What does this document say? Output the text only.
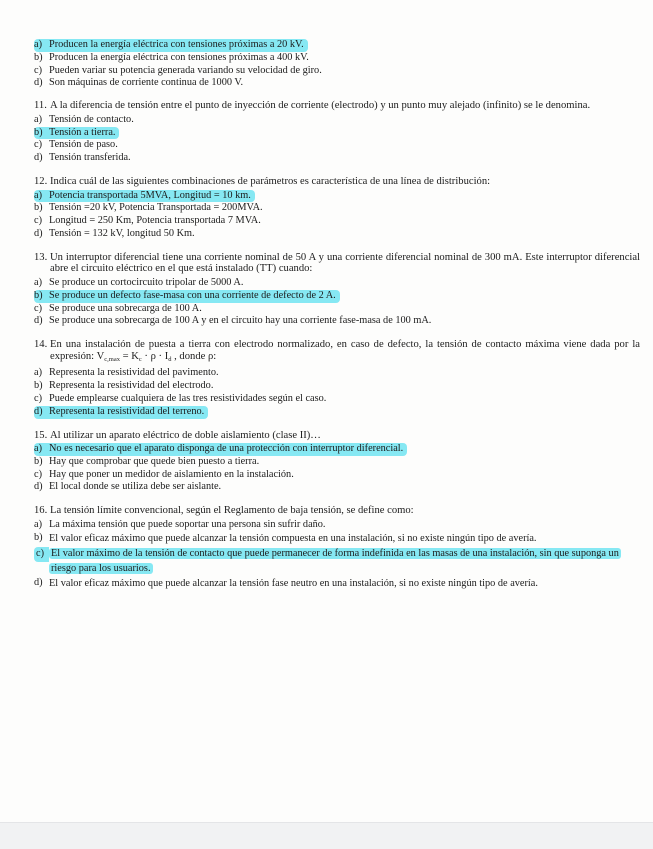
a) Producen la energía eléctrica con tensiones próximas a 20 kV.
b) Producen la energía eléctrica con tensiones próximas a 400 kV.
c) Pueden variar su potencia generada variando su velocidad de giro.
d) Son máquinas de corriente continua de 1000 V.
11. A la diferencia de tensión entre el punto de inyección de corriente (electrodo) y un punto muy alejado (infinito) se le denomina.
a) Tensión de contacto.
b) Tensión a tierra.
c) Tensión de paso.
d) Tensión transferida.
12. Indica cuál de las siguientes combinaciones de parámetros es característica de una línea de distribución:
a) Potencia transportada 5MVA, Longitud = 10 km.
b) Tensión =20 kV, Potencia Transportada = 200MVA.
c) Longitud = 250 Km, Potencia transportada 7 MVA.
d) Tensión = 132 kV, longitud 50 Km.
13. Un interruptor diferencial tiene una corriente nominal de 50 A y una corriente diferencial nominal de 300 mA. Este interruptor diferencial abre el circuito eléctrico en el que está instalado (TT) cuando:
a) Se produce un cortocircuito tripolar de 5000 A.
b) Se produce un defecto fase-masa con una corriente de defecto de 2 A.
c) Se produce una sobrecarga de 100 A.
d) Se produce una sobrecarga de 100 A y en el circuito hay una corriente fase-masa de 100 mA.
14. En una instalación de puesta a tierra con electrodo normalizado, en caso de defecto, la tensión de contacto máxima viene dada por la expresión: $V_{c,max} = K_c \cdot \rho \cdot I_d$ , donde ρ:
a) Representa la resistividad del pavimento.
b) Representa la resistividad del electrodo.
c) Puede emplearse cualquiera de las tres resistividades según el caso.
d) Representa la resistividad del terreno.
15. Al utilizar un aparato eléctrico de doble aislamiento (clase II)…
a) No es necesario que el aparato disponga de una protección con interruptor diferencial.
b) Hay que comprobar que quede bien puesto a tierra.
c) Hay que poner un medidor de aislamiento en la instalación.
d) El local donde se utiliza debe ser aislante.
16. La tensión límite convencional, según el Reglamento de baja tensión, se define como:
a) La máxima tensión que puede soportar una persona sin sufrir daño.
b) El valor eficaz máximo que puede alcanzar la tensión compuesta en una instalación, si no existe ningún tipo de avería.
c) El valor máximo de la tensión de contacto que puede permanecer de forma indefinida en las masas de una instalación, sin que suponga un riesgo para los usuarios.
d) El valor eficaz máximo que puede alcanzar la tensión fase neutro en una instalación, si no existe ningún tipo de avería.
